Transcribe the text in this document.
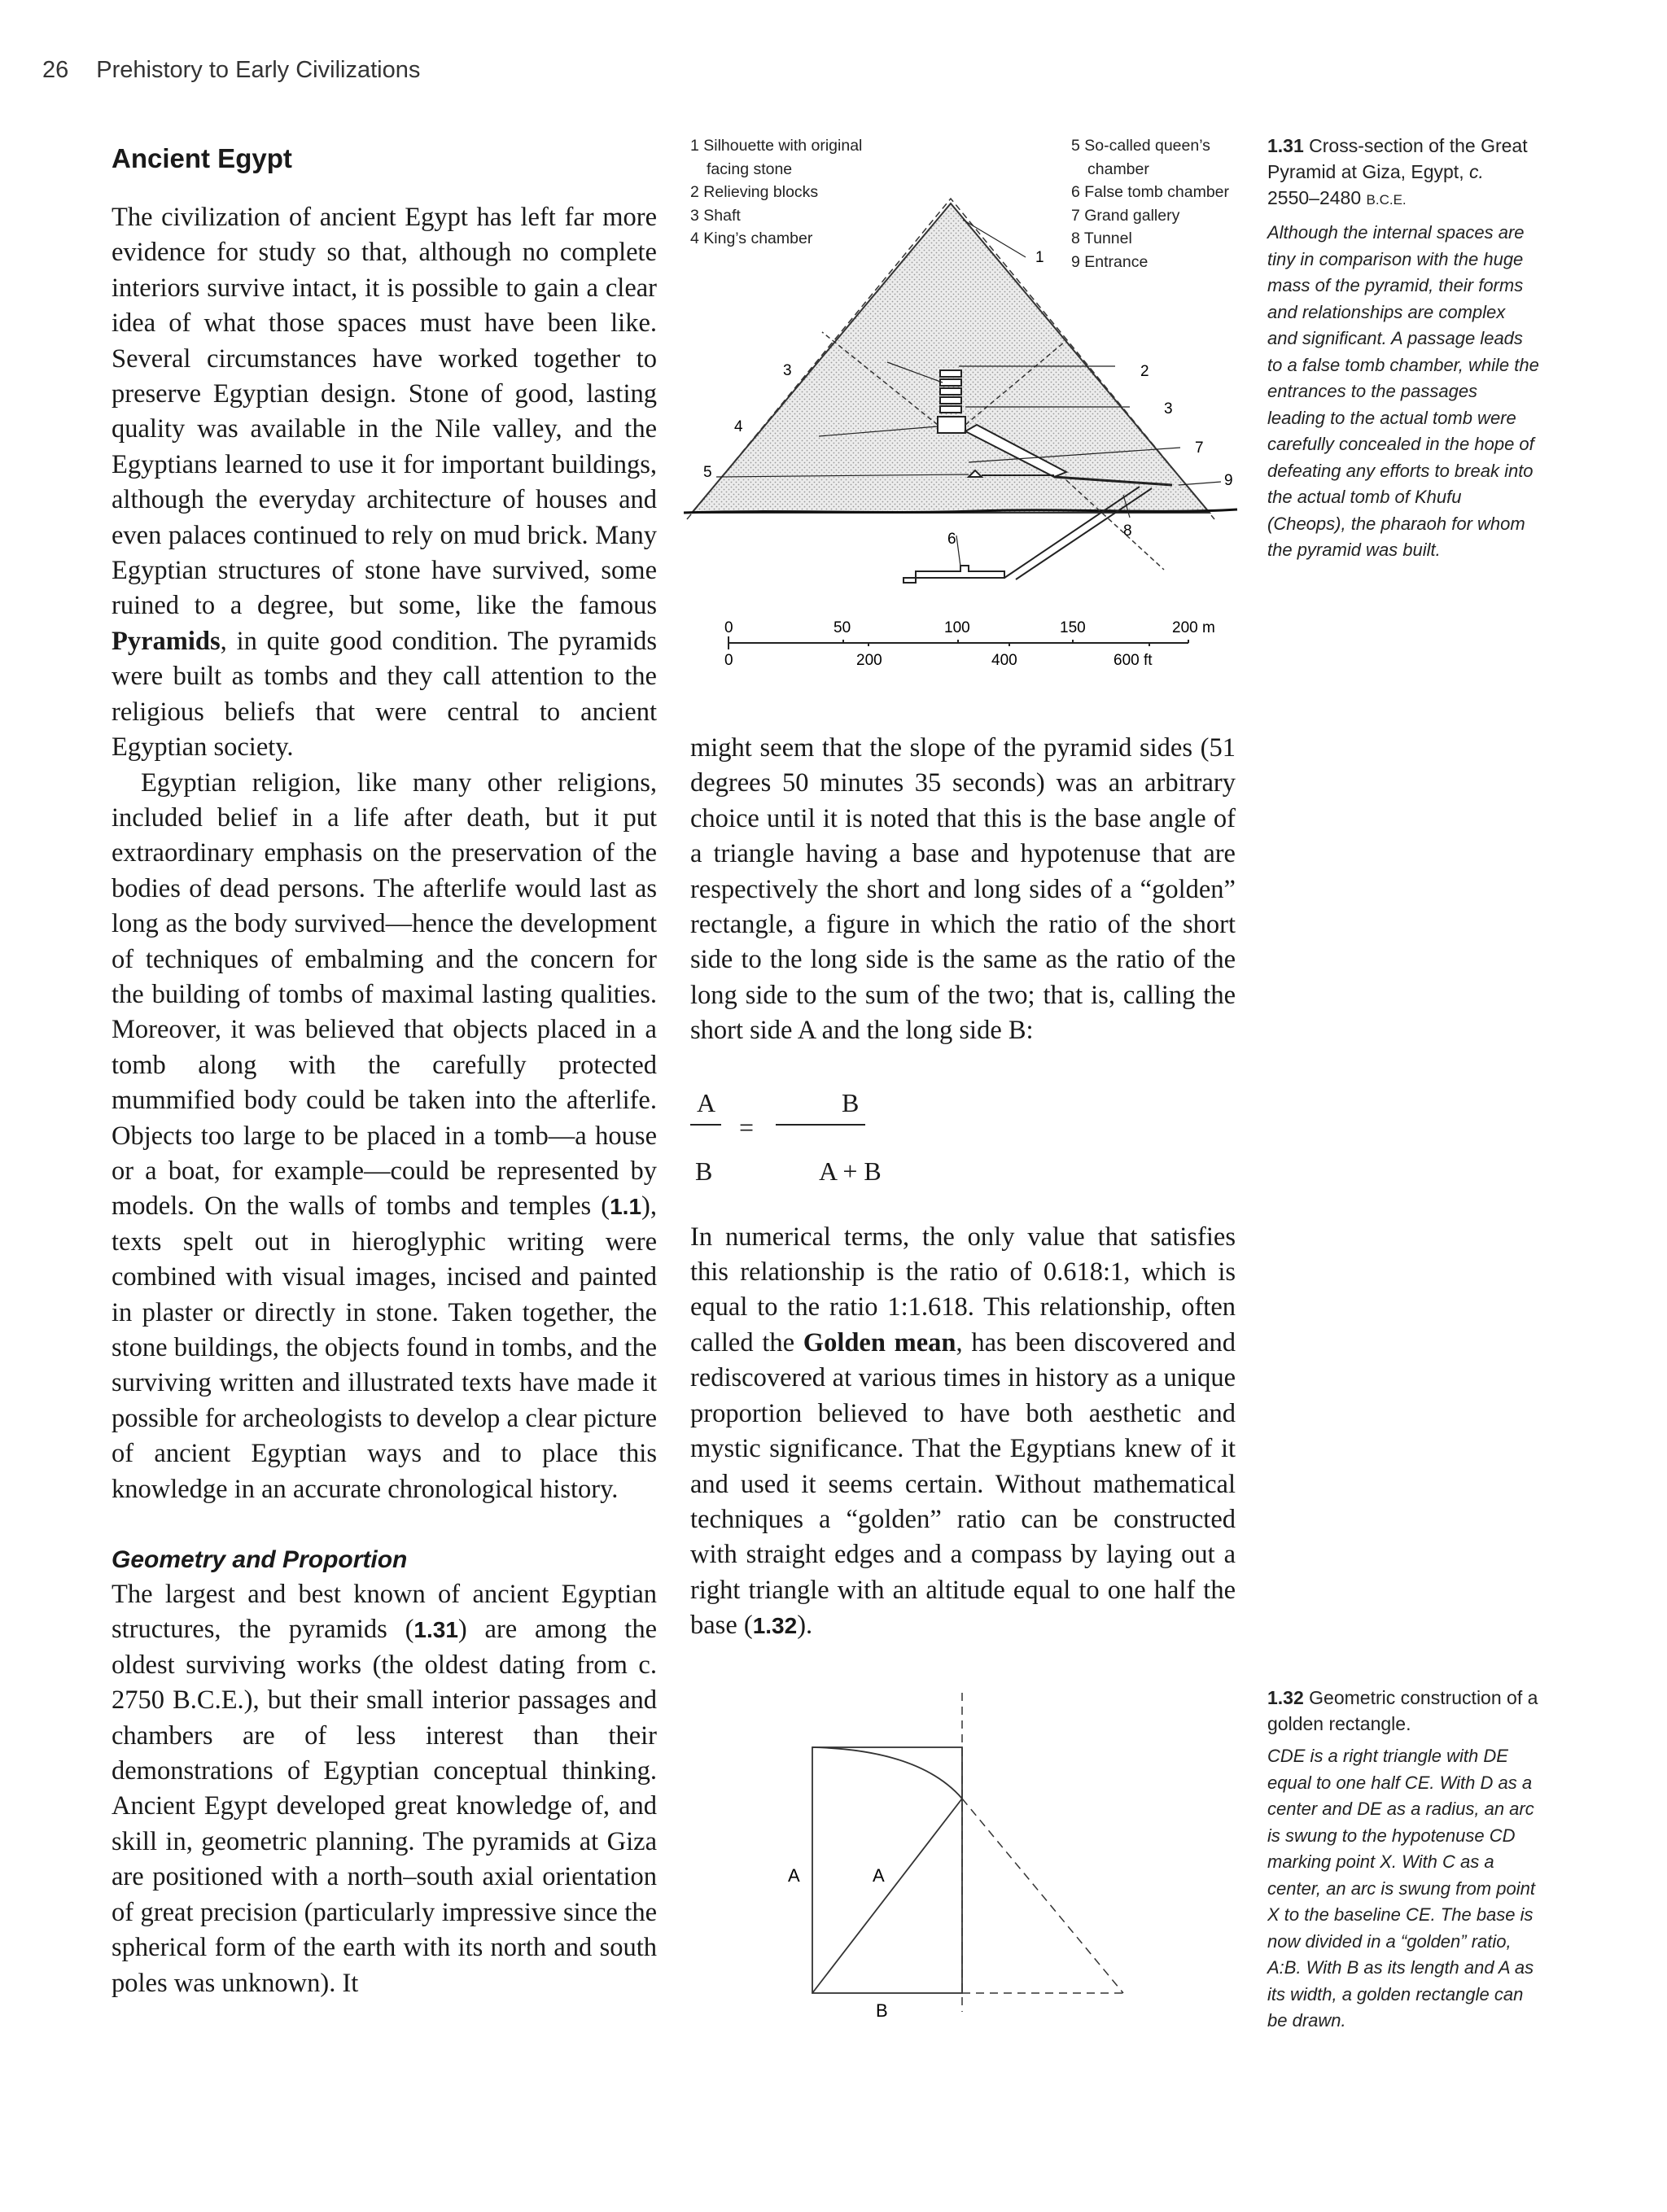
26 Prehistory to Early Civilizations
Ancient Egypt

The civilization of ancient Egypt has left far more evidence for study so that, although no complete interiors survive intact, it is possible to gain a clear idea of what those spaces must have been like. Several circumstances have worked together to preserve Egyptian design. Stone of good, lasting quality was available in the Nile valley, and the Egyptians learned to use it for important buildings, although the everyday architecture of houses and even palaces continued to rely on mud brick. Many Egyptian structures of stone have survived, some ruined to a degree, but some, like the famous Pyramids, in quite good condition. The pyramids were built as tombs and they call attention to the religious beliefs that were central to ancient Egyptian society.

Egyptian religion, like many other religions, included belief in a life after death, but it put extraordinary emphasis on the preservation of the bodies of dead persons. The afterlife would last as long as the body survived—hence the development of techniques of embalming and the concern for the building of tombs of maximal lasting qualities. Moreover, it was believed that objects placed in a tomb along with the carefully protected mummified body could be taken into the afterlife. Objects too large to be placed in a tomb—a house or a boat, for example—could be represented by models. On the walls of tombs and temples (1.1), texts spelt out in hieroglyphic writing were combined with visual images, incised and painted in plaster or directly in stone. Taken together, the stone buildings, the objects found in tombs, and the surviving written and illustrated texts have made it possible for archeologists to develop a clear picture of ancient Egyptian ways and to place this knowledge in an accurate chronological history.

Geometry and Proportion

The largest and best known of ancient Egyptian structures, the pyramids (1.31) are among the oldest surviving works (the oldest dating from c. 2750 B.C.E.), but their small interior passages and chambers are of less interest than their demonstrations of Egyptian conceptual thinking. Ancient Egypt developed great knowledge of, and skill in, geometric planning. The pyramids at Giza are positioned with a north–south axial orientation of great precision (particularly impressive since the spherical form of the earth with its north and south poles was unknown). It

1 Silhouette with original
facing stone
2 Relieving blocks
3 Shaft
4 King’s chamber
5 So-called queen’s
chamber
6 False tomb chamber
7 Grand gallery
8 Tunnel
9 Entrance
1
2
3
3
4
5
6
7
8
9
0	50	100	150	200 m
0	200	400	600 ft
1.31 Cross-section of the Great Pyramid at Giza, Egypt, c. 2550–2480 B.C.E.
Although the internal spaces are tiny in comparison with the huge mass of the pyramid, their forms and relationships are complex and significant. A passage leads to a false tomb chamber, while the entrances to the passages leading to the actual tomb were carefully concealed in the hope of defeating any efforts to break into the actual tomb of Khufu (Cheops), the pharaoh for whom the pyramid was built.

might seem that the slope of the pyramid sides (51 degrees 50 minutes 35 seconds) was an arbitrary choice until it is noted that this is the base angle of a triangle having a base and hypotenuse that are respectively the short and long sides of a “golden” rectangle, a figure in which the ratio of the short side to the long side is the same as the ratio of the long side to the sum of the two; that is, calling the short side A and the long side B:

A
=
B
B
A + B

In numerical terms, the only value that satisfies this relationship is the ratio of 0.618:1, which is equal to the ratio 1:1.618. This relationship, often called the Golden mean, has been discovered and rediscovered at various times in history as a unique proportion believed to have both aesthetic and mystic significance. That the Egyptians knew of it and used it seems certain. Without mathematical techniques a “golden” ratio can be constructed with straight edges and a compass by laying out a right triangle with an altitude equal to one half the base (1.32).

A	A
B
1.32 Geometric construction of a golden rectangle.
CDE is a right triangle with DE equal to one half CE. With D as a center and DE as a radius, an arc is swung to the hypotenuse CD marking point X. With C as a center, an arc is swung from point X to the baseline CE. The base is now divided in a “golden” ratio, A:B. With B as its length and A as its width, a golden rectangle can be drawn.
